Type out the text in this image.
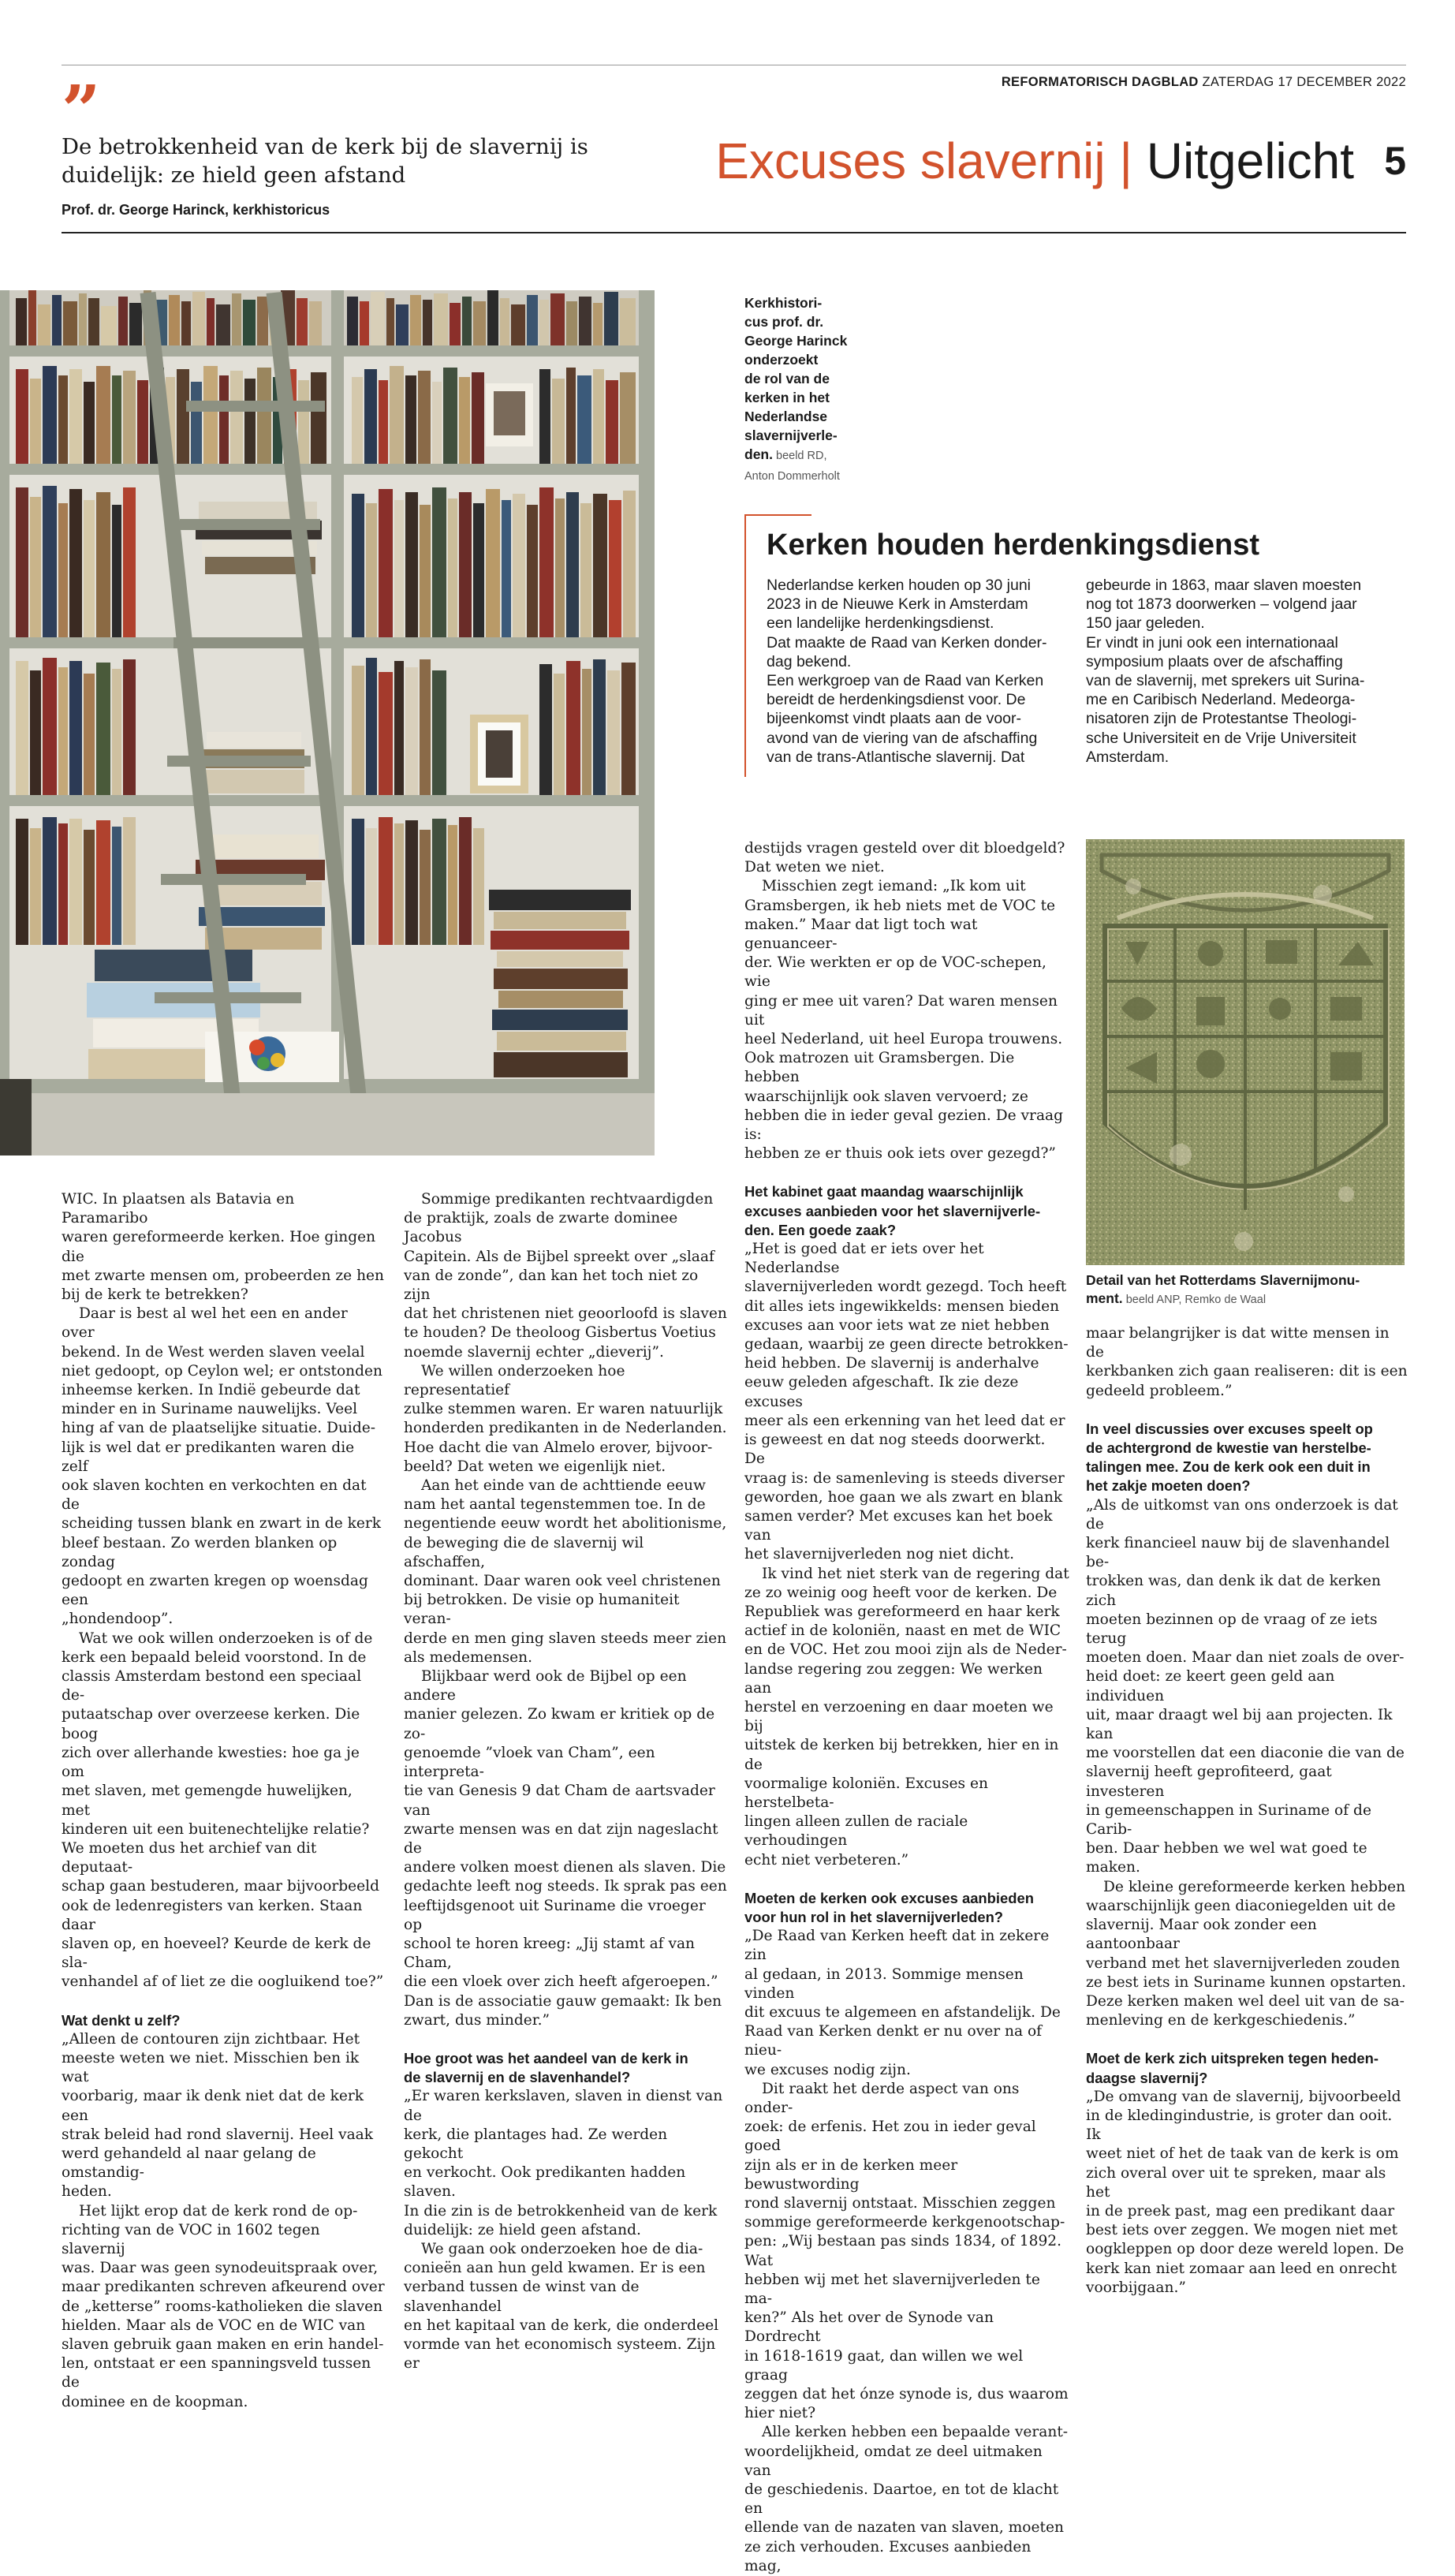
REFORMATORISCH DAGBLAD ZATERDAG 17 DECEMBER 2022
”
De betrokkenheid van de kerk bij de slavernij is duidelijk: ze hield geen afstand
Prof. dr. George Harinck, kerkhistoricus
Excuses slavernij | Uitgelicht 5
Kerkhistori-
cus prof. dr.
George Harinck
onderzoekt
de rol van de
kerken in het
Nederlandse
slavernijverle-
den. beeld RD,
Anton Dommerholt
Kerken houden herdenkingsdienst
Nederlandse kerken houden op 30 juni
2023 in de Nieuwe Kerk in Amsterdam
een landelijke herdenkingsdienst.
Dat maakte de Raad van Kerken donder-
dag bekend.
Een werkgroep van de Raad van Kerken
bereidt de herdenkingsdienst voor. De
bijeenkomst vindt plaats aan de voor-
avond van de viering van de afschaffing
van de trans-Atlantische slavernij. Dat
gebeurde in 1863, maar slaven moesten
nog tot 1873 doorwerken – volgend jaar
150 jaar geleden.
Er vindt in juni ook een internationaal
symposium plaats over de afschaffing
van de slavernij, met sprekers uit Surina-
me en Caribisch Nederland. Medeorga-
nisatoren zijn de Protestantse Theologi-
sche Universiteit en de Vrije Universiteit
Amsterdam.
Detail van het Rotterdams Slavernijmonu-
ment. beeld ANP, Remko de Waal

WIC. In plaatsen als Batavia en Paramaribo
waren gereformeerde kerken. Hoe gingen die
met zwarte mensen om, probeerden ze hen
bij de kerk te betrekken?

Daar is best al wel het een en ander over
bekend. In de West werden slaven veelal
niet gedoopt, op Ceylon wel; er ontstonden
inheemse kerken. In Indië gebeurde dat
minder en in Suriname nauwelijks. Veel
hing af van de plaatselijke situatie. Duide-
lijk is wel dat er predikanten waren die zelf
ook slaven kochten en verkochten en dat de
scheiding tussen blank en zwart in de kerk
bleef bestaan. Zo werden blanken op zondag
gedoopt en zwarten kregen op woensdag een
„hondendoop”.

Wat we ook willen onderzoeken is of de
kerk een bepaald beleid voorstond. In de
classis Amsterdam bestond een speciaal de-
putaatschap over overzeese kerken. Die boog
zich over allerhande kwesties: hoe ga je om
met slaven, met gemengde huwelijken, met
kinderen uit een buitenechtelijke relatie?
We moeten dus het archief van dit deputaat-
schap gaan bestuderen, maar bijvoorbeeld
ook de ledenregisters van kerken. Staan daar
slaven op, en hoeveel? Keurde de kerk de sla-
venhandel af of liet ze die oogluikend toe?”

Wat denkt u zelf?

„Alleen de contouren zijn zichtbaar. Het
meeste weten we niet. Misschien ben ik wat
voorbarig, maar ik denk niet dat de kerk een
strak beleid had rond slavernij. Heel vaak
werd gehandeld al naar gelang de omstandig-
heden.

Het lijkt erop dat de kerk rond de op-
richting van de VOC in 1602 tegen slavernij
was. Daar was geen synodeuitspraak over,
maar predikanten schreven afkeurend over
de „ketterse” rooms-katholieken die slaven
hielden. Maar als de VOC en de WIC van
slaven gebruik gaan maken en erin handel-
len, ontstaat er een spanningsveld tussen de
dominee en de koopman.

Sommige predikanten rechtvaardigden
de praktijk, zoals de zwarte dominee Jacobus
Capitein. Als de Bijbel spreekt over „slaaf
van de zonde”, dan kan het toch niet zo zijn
dat het christenen niet geoorloofd is slaven
te houden? De theoloog Gisbertus Voetius
noemde slavernij echter „dieverij”.

We willen onderzoeken hoe representatief
zulke stemmen waren. Er waren natuurlijk
honderden predikanten in de Nederlanden.
Hoe dacht die van Almelo erover, bijvoor-
beeld? Dat weten we eigenlijk niet.

Aan het einde van de achttiende eeuw
nam het aantal tegenstemmen toe. In de
negentiende eeuw wordt het abolitionisme,
de beweging die de slavernij wil afschaffen,
dominant. Daar waren ook veel christenen
bij betrokken. De visie op humaniteit veran-
derde en men ging slaven steeds meer zien
als medemensen.

Blijkbaar werd ook de Bijbel op een andere
manier gelezen. Zo kwam er kritiek op de zo-
genoemde ”vloek van Cham”, een interpreta-
tie van Genesis 9 dat Cham de aartsvader van
zwarte mensen was en dat zijn nageslacht de
andere volken moest dienen als slaven. Die
gedachte leeft nog steeds. Ik sprak pas een
leeftijdsgenoot uit Suriname die vroeger op
school te horen kreeg: „Jij stamt af van Cham,
die een vloek over zich heeft afgeroepen.”
Dan is de associatie gauw gemaakt: Ik ben
zwart, dus minder.”

Hoe groot was het aandeel van de kerk in
de slavernij en de slavenhandel?

„Er waren kerkslaven, slaven in dienst van de
kerk, die plantages had. Ze werden gekocht
en verkocht. Ook predikanten hadden slaven.
In die zin is de betrokkenheid van de kerk
duidelijk: ze hield geen afstand.

We gaan ook onderzoeken hoe de dia-
conieën aan hun geld kwamen. Er is een
verband tussen de winst van de slavenhandel
en het kapitaal van de kerk, die onderdeel
vormde van het economisch systeem. Zijn er

destijds vragen gesteld over dit bloedgeld?
Dat weten we niet.

Misschien zegt iemand: „Ik kom uit
Gramsbergen, ik heb niets met de VOC te
maken.” Maar dat ligt toch wat genuanceer-
der. Wie werkten er op de VOC-schepen, wie
ging er mee uit varen? Dat waren mensen uit
heel Nederland, uit heel Europa trouwens.
Ook matrozen uit Gramsbergen. Die hebben
waarschijnlijk ook slaven vervoerd; ze
hebben die in ieder geval gezien. De vraag is:
hebben ze er thuis ook iets over gezegd?”

Het kabinet gaat maandag waarschijnlijk
excuses aanbieden voor het slavernijverle-
den. Een goede zaak?

„Het is goed dat er iets over het Nederlandse
slavernijverleden wordt gezegd. Toch heeft
dit alles iets ingewikkelds: mensen bieden
excuses aan voor iets wat ze niet hebben
gedaan, waarbij ze geen directe betrokken-
heid hebben. De slavernij is anderhalve
eeuw geleden afgeschaft. Ik zie deze excuses
meer als een erkenning van het leed dat er
is geweest en dat nog steeds doorwerkt. De
vraag is: de samenleving is steeds diverser
geworden, hoe gaan we als zwart en blank
samen verder? Met excuses kan het boek van
het slavernijverleden nog niet dicht.

Ik vind het niet sterk van de regering dat
ze zo weinig oog heeft voor de kerken. De
Republiek was gereformeerd en haar kerk
actief in de koloniën, naast en met de WIC
en de VOC. Het zou mooi zijn als de Neder-
landse regering zou zeggen: We werken aan
herstel en verzoening en daar moeten we bij
uitstek de kerken bij betrekken, hier en in de
voormalige koloniën. Excuses en herstelbeta-
lingen alleen zullen de raciale verhoudingen
echt niet verbeteren.”

Moeten de kerken ook excuses aanbieden
voor hun rol in het slavernijverleden?

„De Raad van Kerken heeft dat in zekere zin
al gedaan, in 2013. Sommige mensen vinden
dit excuus te algemeen en afstandelijk. De
Raad van Kerken denkt er nu over na of nieu-
we excuses nodig zijn.

Dit raakt het derde aspect van ons onder-
zoek: de erfenis. Het zou in ieder geval goed
zijn als er in de kerken meer bewustwording
rond slavernij ontstaat. Misschien zeggen
sommige gereformeerde kerkgenootschap-
pen: „Wij bestaan pas sinds 1834, of 1892. Wat
hebben wij met het slavernijverleden te ma-
ken?” Als het over de Synode van Dordrecht
in 1618-1619 gaat, dan willen we wel graag
zeggen dat het ónze synode is, dus waarom
hier niet?

Alle kerken hebben een bepaalde verant-
woordelijkheid, omdat ze deel uitmaken van
de geschiedenis. Daartoe, en tot de klacht en
ellende van de nazaten van slaven, moeten
ze zich verhouden. Excuses aanbieden mag,

maar belangrijker is dat witte mensen in de
kerkbanken zich gaan realiseren: dit is een
gedeeld probleem.”

In veel discussies over excuses speelt op
de achtergrond de kwestie van herstelbe-
talingen mee. Zou de kerk ook een duit in
het zakje moeten doen?

„Als de uitkomst van ons onderzoek is dat de
kerk financieel nauw bij de slavenhandel be-
trokken was, dan denk ik dat de kerken zich
moeten bezinnen op de vraag of ze iets terug
moeten doen. Maar dan niet zoals de over-
heid doet: ze keert geen geld aan individuen
uit, maar draagt wel bij aan projecten. Ik kan
me voorstellen dat een diaconie die van de
slavernij heeft geprofiteerd, gaat investeren
in gemeenschappen in Suriname of de Carib-
ben. Daar hebben we wel wat goed te maken.

De kleine gereformeerde kerken hebben
waarschijnlijk geen diaconiegelden uit de
slavernij. Maar ook zonder een aantoonbaar
verband met het slavernijverleden zouden
ze best iets in Suriname kunnen opstarten.
Deze kerken maken wel deel uit van de sa-
menleving en de kerkgeschiedenis.”

Moet de kerk zich uitspreken tegen heden-
daagse slavernij?

„De omvang van de slavernij, bijvoorbeeld
in de kledingindustrie, is groter dan ooit. Ik
weet niet of het de taak van de kerk is om
zich overal over uit te spreken, maar als het
in de preek past, mag een predikant daar
best iets over zeggen. We mogen niet met
oogkleppen op door deze wereld lopen. De
kerk kan niet zomaar aan leed en onrecht
voorbijgaan.”
